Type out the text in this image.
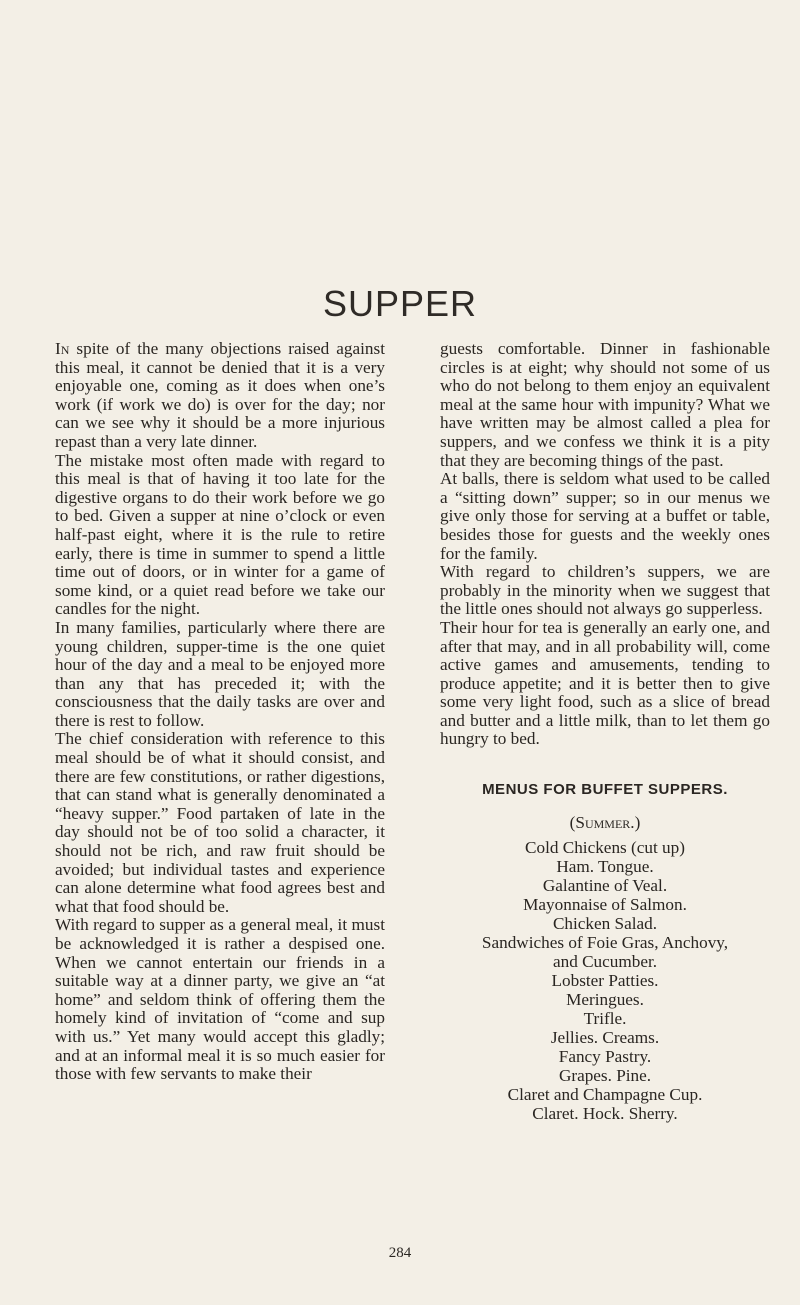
SUPPER

In spite of the many objections raised against this meal, it cannot be denied that it is a very enjoyable one, coming as it does when one’s work (if work we do) is over for the day; nor can we see why it should be a more injurious repast than a very late dinner.

The mistake most often made with regard to this meal is that of having it too late for the digestive organs to do their work before we go to bed. Given a supper at nine o’clock or even half-past eight, where it is the rule to retire early, there is time in summer to spend a little time out of doors, or in winter for a game of some kind, or a quiet read before we take our candles for the night.

In many families, particularly where there are young children, supper-time is the one quiet hour of the day and a meal to be enjoyed more than any that has preceded it; with the consciousness that the daily tasks are over and there is rest to follow.

The chief consideration with reference to this meal should be of what it should consist, and there are few constitutions, or rather digestions, that can stand what is generally denominated a “heavy supper.” Food partaken of late in the day should not be of too solid a character, it should not be rich, and raw fruit should be avoided; but individual tastes and experience can alone determine what food agrees best and what that food should be.

With regard to supper as a general meal, it must be acknowledged it is rather a despised one. When we cannot entertain our friends in a suitable way at a dinner party, we give an “at home” and seldom think of offering them the homely kind of invitation of “come and sup with us.” Yet many would accept this gladly; and at an informal meal it is so much easier for those with few servants to make their

guests comfortable. Dinner in fashionable circles is at eight; why should not some of us who do not belong to them enjoy an equivalent meal at the same hour with impunity? What we have written may be almost called a plea for suppers, and we confess we think it is a pity that they are becoming things of the past.

At balls, there is seldom what used to be called a “sitting down” supper; so in our menus we give only those for serving at a buffet or table, besides those for guests and the weekly ones for the family.

With regard to children’s suppers, we are probably in the minority when we suggest that the little ones should not always go supperless.

Their hour for tea is generally an early one, and after that may, and in all probability will, come active games and amusements, tending to produce appetite; and it is better then to give some very light food, such as a slice of bread and butter and a little milk, than to let them go hungry to bed.

MENUS FOR BUFFET SUPPERS.
(Summer.)
Cold Chickens (cut up)
Ham. Tongue.
Galantine of Veal.
Mayonnaise of Salmon.
Chicken Salad.
Sandwiches of Foie Gras, Anchovy,
and Cucumber.
Lobster Patties.
Meringues.
Trifle.
Jellies. Creams.
Fancy Pastry.
Grapes. Pine.
Claret and Champagne Cup.
Claret. Hock. Sherry.
284
